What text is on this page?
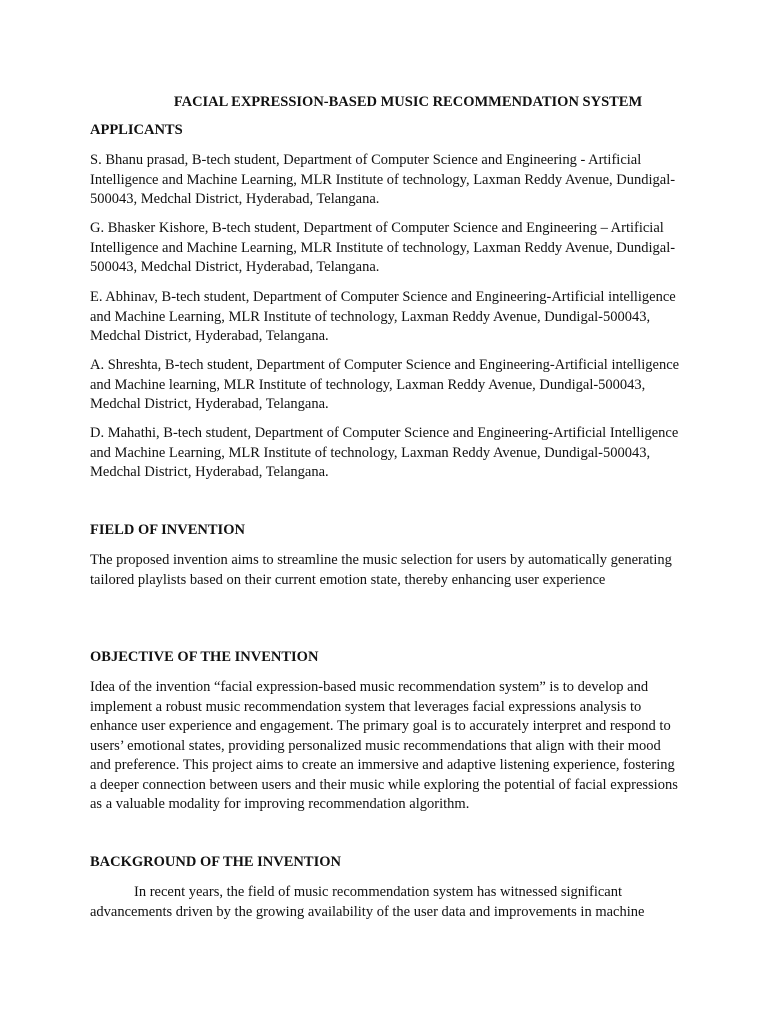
FACIAL EXPRESSION-BASED MUSIC RECOMMENDATION SYSTEM
APPLICANTS

S. Bhanu prasad, B-tech student, Department of Computer Science and Engineering - Artificial Intelligence and Machine Learning, MLR Institute of technology, Laxman Reddy Avenue, Dundigal-500043, Medchal District, Hyderabad, Telangana.

G. Bhasker Kishore, B-tech student, Department of Computer Science and Engineering – Artificial Intelligence and Machine Learning, MLR Institute of technology, Laxman Reddy Avenue, Dundigal-500043, Medchal District, Hyderabad, Telangana.

E. Abhinav, B-tech student, Department of Computer Science and Engineering-Artificial intelligence and Machine Learning, MLR Institute of technology, Laxman Reddy Avenue, Dundigal-500043, Medchal District, Hyderabad, Telangana.

A. Shreshta, B-tech student, Department of Computer Science and Engineering-Artificial intelligence and Machine learning, MLR Institute of technology, Laxman Reddy Avenue, Dundigal-500043, Medchal District, Hyderabad, Telangana.

D. Mahathi, B-tech student, Department of Computer Science and Engineering-Artificial Intelligence and Machine Learning, MLR Institute of technology, Laxman Reddy Avenue, Dundigal-500043, Medchal District, Hyderabad, Telangana.

FIELD OF INVENTION

The proposed invention aims to streamline the music selection for users by automatically generating tailored playlists based on their current emotion state, thereby enhancing user experience

OBJECTIVE OF THE INVENTION

Idea of the invention “facial expression-based music recommendation system” is to develop and implement a robust music recommendation system that leverages facial expressions analysis to enhance user experience and engagement. The primary goal is to accurately interpret and respond to users’ emotional states, providing personalized music recommendations that align with their mood and preference. This project aims to create an immersive and adaptive listening experience, fostering a deeper connection between users and their music while exploring the potential of facial expressions as a valuable modality for improving recommendation algorithm.

BACKGROUND OF THE INVENTION

In recent years, the field of music recommendation system has witnessed significant advancements driven by the growing availability of the user data and improvements in machine
